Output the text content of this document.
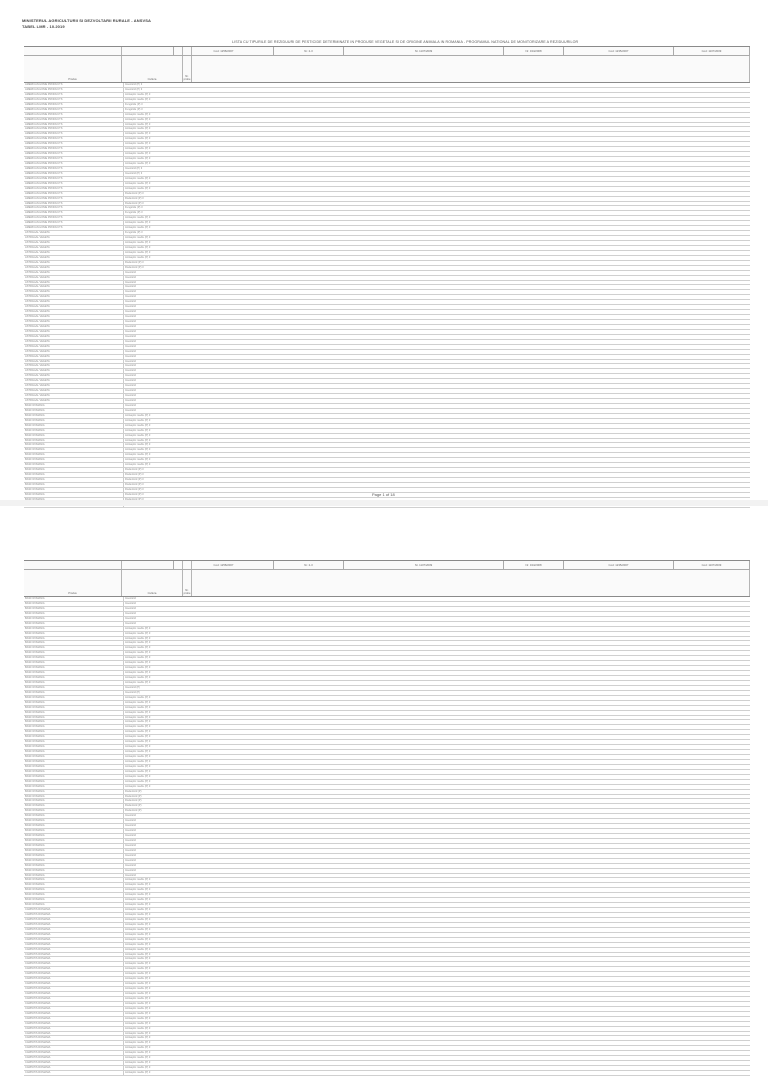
MINISTERUL AGRICULTURII SI DEZVOLTARII RURALE - ANSVSA
TABEL LMR - 10.2019
LISTA CU TIPURILE DE REZIDUURI DE PESTICIDE DETERMINATE IN PRODUSE VEGETALE SI DE ORIGINE ANIMALA IN ROMANIA - PROGRAMUL NATIONAL DE MONITORIZARE A REZIDUURILOR
Cod: 1258/2007	Nr. 2-3	Nr. 1107/2009	Nr. 434/2008	Cod: 1235/2007	Cod: 1107/2009
Produs	Cultura
Nr. probe
AMERICAN HOME PRODUCTS	Insecticid (P) 3
AMERICAN HOME PRODUCTS	Insecticid (P) 3
AMERICAN HOME PRODUCTS	Antiseptic mediu (P) 3
AMERICAN HOME PRODUCTS	Antiseptic mediu (P) 3
AMERICAN HOME PRODUCTS	Fungicide (P) 3
AMERICAN HOME PRODUCTS	Fungicide (P) 3
AMERICAN HOME PRODUCTS	Antiseptic mediu (P) 3
AMERICAN HOME PRODUCTS	Antiseptic mediu (P) 3
AMERICAN HOME PRODUCTS	Antiseptic mediu (P) 3
AMERICAN HOME PRODUCTS	Antiseptic mediu (P) 3
AMERICAN HOME PRODUCTS	Antiseptic mediu (P) 3
AMERICAN HOME PRODUCTS	Antiseptic mediu (P) 3
AMERICAN HOME PRODUCTS	Antiseptic mediu (P) 3
AMERICAN HOME PRODUCTS	Antiseptic mediu (P) 3
AMERICAN HOME PRODUCTS	Antiseptic mediu (P) 3
AMERICAN HOME PRODUCTS	Antiseptic mediu (P) 3
AMERICAN HOME PRODUCTS	Antiseptic mediu (P) 3
AMERICAN HOME PRODUCTS	Insecticid (P) 3
AMERICAN HOME PRODUCTS	Insecticid (P) 3
AMERICAN HOME PRODUCTS	Antiseptic mediu (P) 3
AMERICAN HOME PRODUCTS	Antiseptic mediu (P) 3
AMERICAN HOME PRODUCTS	Antiseptic mediu (P) 3
AMERICAN HOME PRODUCTS	Rodenticid (P) 3
AMERICAN HOME PRODUCTS	Rodenticid (P) 3
AMERICAN HOME PRODUCTS	Rodenticid (P) 3
AMERICAN HOME PRODUCTS	Fungicide (P) 3
AMERICAN HOME PRODUCTS	Fungicide (P) 3
AMERICAN HOME PRODUCTS	Antiseptic mediu (P) 3
AMERICAN HOME PRODUCTS	Antiseptic mediu (P) 3
AMERICAN HOME PRODUCTS	Antiseptic mediu (P) 3
ASTRAGAL VEGETA	Fungicide (P) 3
ASTRAGAL VEGETA	Antiseptic mediu (P) 3
ASTRAGAL VEGETA	Antiseptic mediu (P) 3
ASTRAGAL VEGETA	Antiseptic mediu (P) 3
ASTRAGAL VEGETA	Antiseptic mediu (P) 3
ASTRAGAL VEGETA	Antiseptic mediu (P) 3
ASTRAGAL VEGETA	Rodenticid (P) 3
ASTRAGAL VEGETA	Rodenticid (P) 3
ASTRAGAL VEGETA	Insecticid
ASTRAGAL VEGETA	Insecticid
ASTRAGAL VEGETA	Insecticid
ASTRAGAL VEGETA	Insecticid
ASTRAGAL VEGETA	Insecticid
ASTRAGAL VEGETA	Insecticid
ASTRAGAL VEGETA	Insecticid
ASTRAGAL VEGETA	Insecticid
ASTRAGAL VEGETA	Insecticid
ASTRAGAL VEGETA	Insecticid
ASTRAGAL VEGETA	Insecticid
ASTRAGAL VEGETA	Insecticid
ASTRAGAL VEGETA	Insecticid
ASTRAGAL VEGETA	Insecticid
ASTRAGAL VEGETA	Insecticid
ASTRAGAL VEGETA	Insecticid
ASTRAGAL VEGETA	Insecticid
ASTRAGAL VEGETA	Insecticid
ASTRAGAL VEGETA	Insecticid
ASTRAGAL VEGETA	Insecticid
ASTRAGAL VEGETA	Insecticid
ASTRAGAL VEGETA	Insecticid
ASTRAGAL VEGETA	Insecticid
ASTRAGAL VEGETA	Insecticid
ASTRAGAL VEGETA	Insecticid
ASTRAGAL VEGETA	Insecticid
ASTRAGAL VEGETA	Insecticid
BASF ROMANIA	Insecticid
BASF ROMANIA	Insecticid
BASF ROMANIA	Antiseptic mediu (P) 3
BASF ROMANIA	Antiseptic mediu (P) 3
BASF ROMANIA	Antiseptic mediu (P) 3
BASF ROMANIA	Antiseptic mediu (P) 3
BASF ROMANIA	Antiseptic mediu (P) 3
BASF ROMANIA	Antiseptic mediu (P) 3
BASF ROMANIA	Antiseptic mediu (P) 3
BASF ROMANIA	Antiseptic mediu (P) 3
BASF ROMANIA	Antiseptic mediu (P) 3
BASF ROMANIA	Antiseptic mediu (P) 3
BASF ROMANIA	Antiseptic mediu (P) 3
BASF ROMANIA	Rodenticid (P) 3
BASF ROMANIA	Rodenticid (P) 3
BASF ROMANIA	Rodenticid (P) 3
BASF ROMANIA	Rodenticid (P) 3
BASF ROMANIA	Rodenticid (P) 3
BASF ROMANIA	Rodenticid (P) 3	Page 1 of 18
Cod: 1258/2007	Nr. 2-3	Nr. 1107/2009	Nr. 434/2008	Cod: 1235/2007	Cod: 1107/2009
Produs	Cultura
Nr. probe
BASF ROMANIA	Insecticid
BASF ROMANIA	Insecticid
BASF ROMANIA	Insecticid
BASF ROMANIA	Insecticid
BASF ROMANIA	Insecticid
BASF ROMANIA	Insecticid
BASF ROMANIA	Antiseptic mediu (P) 3
BASF ROMANIA	Antiseptic mediu (P) 3
BASF ROMANIA	Antiseptic mediu (P) 3
BASF ROMANIA	Antiseptic mediu (P) 3
BASF ROMANIA	Antiseptic mediu (P) 3
BASF ROMANIA	Antiseptic mediu (P) 3
BASF ROMANIA	Antiseptic mediu (P) 3
BASF ROMANIA	Antiseptic mediu (P) 3
BASF ROMANIA	Antiseptic mediu (P) 3
BASF ROMANIA	Antiseptic mediu (P) 3
BASF ROMANIA	Antiseptic mediu (P) 3
BASF ROMANIA	Antiseptic mediu (P) 3
BASF ROMANIA	Insecticid (P)
BASF ROMANIA	Insecticid (P)
BASF ROMANIA	Antiseptic mediu (P) 3
BASF ROMANIA	Antiseptic mediu (P) 3
BASF ROMANIA	Antiseptic mediu (P) 3
BASF ROMANIA	Antiseptic mediu (P) 3
BASF ROMANIA	Antiseptic mediu (P) 3
BASF ROMANIA	Antiseptic mediu (P) 3
BASF ROMANIA	Antiseptic mediu (P) 3
BASF ROMANIA	Antiseptic mediu (P) 3
BASF ROMANIA	Antiseptic mediu (P) 3
BASF ROMANIA	Antiseptic mediu (P) 3
BASF ROMANIA	Antiseptic mediu (P) 3
BASF ROMANIA	Antiseptic mediu (P) 3
BASF ROMANIA	Antiseptic mediu (P) 3
BASF ROMANIA	Antiseptic mediu (P) 3
BASF ROMANIA	Antiseptic mediu (P) 3
BASF ROMANIA	Antiseptic mediu (P) 3
BASF ROMANIA	Antiseptic mediu (P) 3
BASF ROMANIA	Antiseptic mediu (P) 3
BASF ROMANIA	Antiseptic mediu (P) 3
BASF ROMANIA	Rodenticid (P)
BASF ROMANIA	Rodenticid (P)
BASF ROMANIA	Rodenticid (P)
BASF ROMANIA	Rodenticid (P)
BASF ROMANIA	Rodenticid (P)
BASF ROMANIA	Insecticid
BASF ROMANIA	Insecticid
BASF ROMANIA	Insecticid
BASF ROMANIA	Insecticid
BASF ROMANIA	Insecticid
BASF ROMANIA	Insecticid
BASF ROMANIA	Insecticid
BASF ROMANIA	Insecticid
BASF ROMANIA	Insecticid
BASF ROMANIA	Insecticid
BASF ROMANIA	Insecticid
BASF ROMANIA	Insecticid
BASF ROMANIA	Insecticid
BASF ROMANIA	Antiseptic mediu (P) 3
BASF ROMANIA	Antiseptic mediu (P) 3
BASF ROMANIA	Antiseptic mediu (P) 3
BASF ROMANIA	Antiseptic mediu (P) 3
BASF ROMANIA	Antiseptic mediu (P) 3
BASF ROMANIA	Antiseptic mediu (P) 3
CARPATIS ROMANIA	Antiseptic mediu (P) 3
CARPATIS ROMANIA	Antiseptic mediu (P) 3
CARPATIS ROMANIA	Antiseptic mediu (P) 3
CARPATIS ROMANIA	Antiseptic mediu (P) 3
CARPATIS ROMANIA	Antiseptic mediu (P) 3
CARPATIS ROMANIA	Antiseptic mediu (P) 3
CARPATIS ROMANIA	Antiseptic mediu (P) 3
CARPATIS ROMANIA	Antiseptic mediu (P) 3
CARPATIS ROMANIA	Antiseptic mediu (P) 3
CARPATIS ROMANIA	Antiseptic mediu (P) 3
CARPATIS ROMANIA	Antiseptic mediu (P) 3
CARPATIS ROMANIA	Antiseptic mediu (P) 3
CARPATIS ROMANIA	Antiseptic mediu (P) 3
CARPATIS ROMANIA	Antiseptic mediu (P) 3
CARPATIS ROMANIA	Antiseptic mediu (P) 3
CARPATIS ROMANIA	Antiseptic mediu (P) 3
CARPATIS ROMANIA	Antiseptic mediu (P) 3
CARPATIS ROMANIA	Antiseptic mediu (P) 3
CARPATIS ROMANIA	Antiseptic mediu (P) 3
CARPATIS ROMANIA	Antiseptic mediu (P) 3
CARPATIS ROMANIA	Antiseptic mediu (P) 3
CARPATIS ROMANIA	Antiseptic mediu (P) 3
CARPATIS ROMANIA	Antiseptic mediu (P) 3
CARPATIS ROMANIA	Antiseptic mediu (P) 3
CARPATIS ROMANIA	Antiseptic mediu (P) 3
CARPATIS ROMANIA	Antiseptic mediu (P) 3
CARPATIS ROMANIA	Antiseptic mediu (P) 3
CARPATIS ROMANIA	Antiseptic mediu (P) 3
CARPATIS ROMANIA	Antiseptic mediu (P) 3
CARPATIS ROMANIA	Antiseptic mediu (P) 3
CARPATIS ROMANIA	Antiseptic mediu (P) 3
CARPATIS ROMANIA	Antiseptic mediu (P) 3
CARPATIS ROMANIA	Antiseptic mediu (P) 3
CARPATIS ROMANIA	Antiseptic mediu (P) 3
